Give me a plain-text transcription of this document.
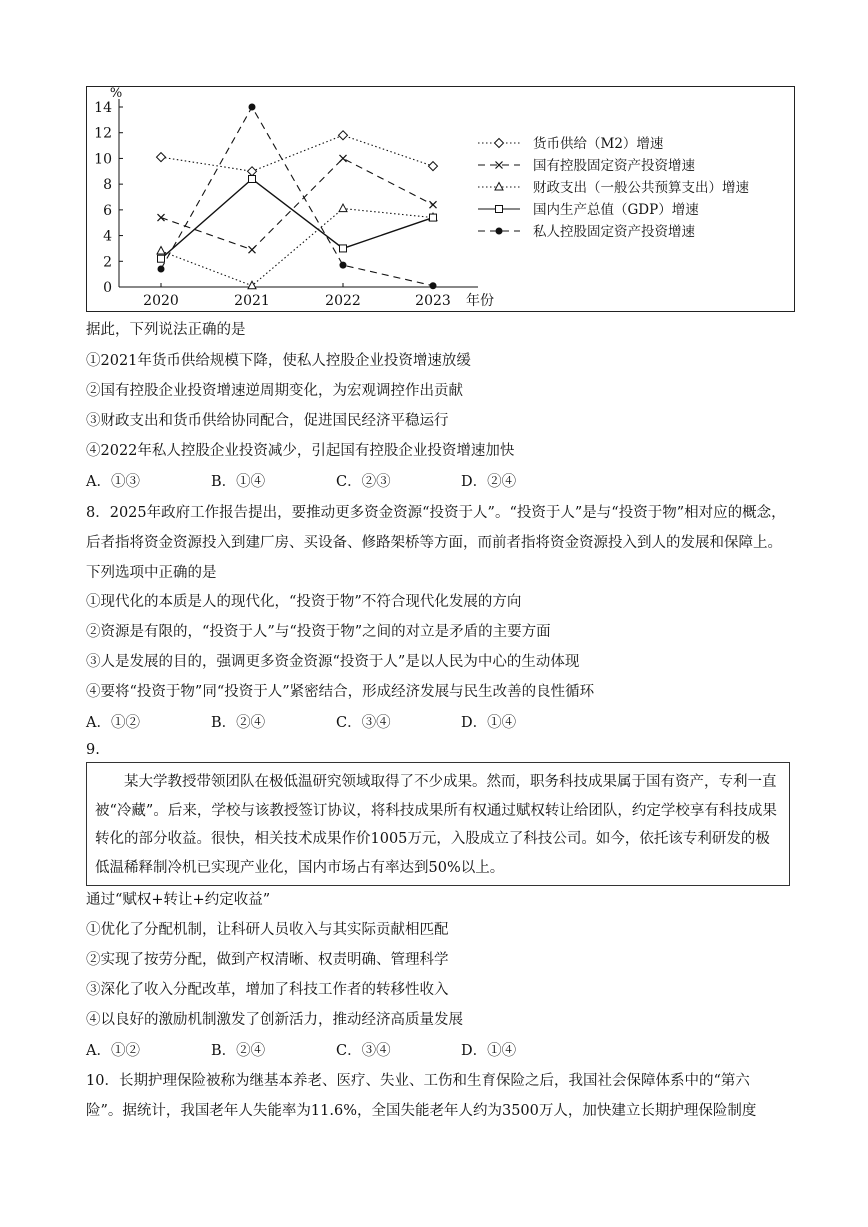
0
2
4
6
8
10
12
14
%
2020	2021	2022	2023 年份
货币供给（M2）增速
国有控股固定资产投资增速
财政支出（一般公共预算支出）增速
国内生产总值（GDP）增速
私人控股固定资产投资增速
据此，下列说法正确的是
①2021年货币供给规模下降，使私人控股企业投资增速放缓
②国有控股企业投资增速逆周期变化，为宏观调控作出贡献
③财政支出和货币供给协同配合，促进国民经济平稳运行
④2022年私人控股企业投资减少，引起国有控股企业投资增速加快
A．①③	B．①④	C．②③	D．②④
8．2025年政府工作报告提出，要推动更多资金资源“投资于人”。“投资于人”是与“投资于物”相对应的概念，后者指将资金资源投入到建厂房、买设备、修路架桥等方面，而前者指将资金资源投入到人的发展和保障上。下列选项中正确的是
①现代化的本质是人的现代化，“投资于物”不符合现代化发展的方向
②资源是有限的，“投资于人”与“投资于物”之间的对立是矛盾的主要方面
③人是发展的目的，强调更多资金资源“投资于人”是以人民为中心的生动体现
④要将“投资于物”同“投资于人”紧密结合，形成经济发展与民生改善的良性循环
A．①②	B．②④	C．③④	D．①④
9.

某大学教授带领团队在极低温研究领域取得了不少成果。然而，职务科技成果属于国有资产，专利一直被“冷藏”。后来，学校与该教授签订协议，将科技成果所有权通过赋权转让给团队，约定学校享有科技成果转化的部分收益。很快，相关技术成果作价1005万元，入股成立了科技公司。如今，依托该专利研发的极低温稀释制冷机已实现产业化，国内市场占有率达到50%以上。

通过“赋权+转让+约定收益”
①优化了分配机制，让科研人员收入与其实际贡献相匹配
②实现了按劳分配，做到产权清晰、权责明确、管理科学
③深化了收入分配改革，增加了科技工作者的转移性收入
④以良好的激励机制激发了创新活力，推动经济高质量发展
A．①②	B．②④	C．③④	D．①④
10．长期护理保险被称为继基本养老、医疗、失业、工伤和生育保险之后，我国社会保障体系中的“第六险”。据统计，我国老年人失能率为11.6%，全国失能老年人约为3500万人，加快建立长期护理保险制度
